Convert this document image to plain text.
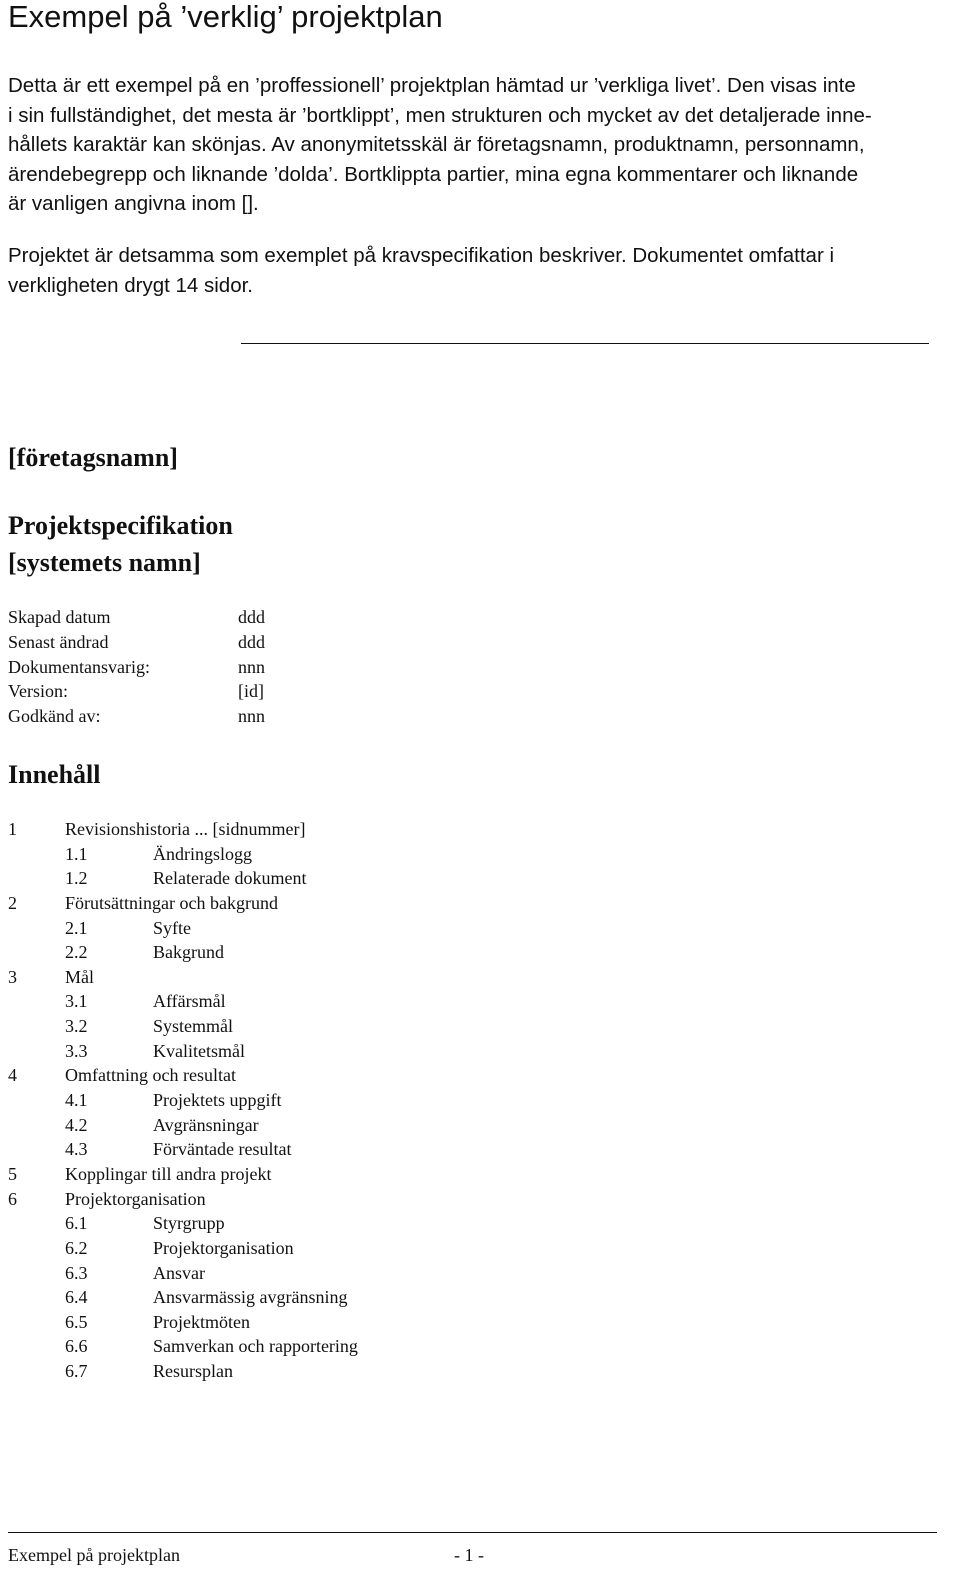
Exempel på ’verklig’ projektplan
Detta är ett exempel på en ’proffessionell’ projektplan hämtad ur ’verkliga livet’. Den visas inte
i sin fullständighet, det mesta är ’bortklippt’, men strukturen och mycket av det detaljerade inne-
hållets karaktär kan skönjas. Av anonymitetsskäl är företagsnamn, produktnamn, personnamn,
ärendebegrepp och liknande ’dolda’. Bortklippta partier, mina egna kommentarer och liknande
är vanligen angivna inom [].
Projektet är detsamma som exemplet på kravspecifikation beskriver. Dokumentet omfattar i
verkligheten drygt 14 sidor.
[företagsnamn]
Projektspecifikation
[systemets namn]
Skapad datum	ddd
Senast ändrad	ddd
Dokumentansvarig:	nnn
Version:	[id]
Godkänd av:	nnn
Innehåll
1	Revisionshistoria ... [sidnummer]
1.1	Ändringslogg
1.2	Relaterade dokument
2	Förutsättningar och bakgrund
2.1	Syfte
2.2	Bakgrund
3	Mål
3.1	Affärsmål
3.2	Systemmål
3.3	Kvalitetsmål
4	Omfattning och resultat
4.1	Projektets uppgift
4.2	Avgränsningar
4.3	Förväntade resultat
5	Kopplingar till andra projekt
6	Projektorganisation
6.1	Styrgrupp
6.2	Projektorganisation
6.3	Ansvar
6.4	Ansvarmässig avgränsning
6.5	Projektmöten
6.6	Samverkan och rapportering
6.7	Resursplan
Exempel på projektplan	- 1 -
